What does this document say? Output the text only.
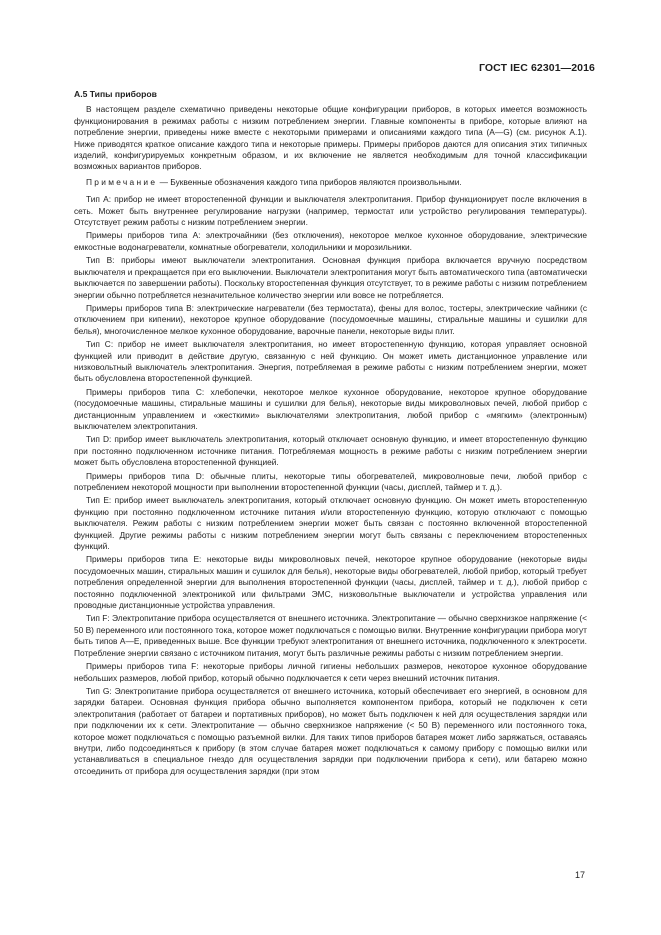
ГОСТ IEC 62301—2016
А.5 Типы приборов

В настоящем разделе схематично приведены некоторые общие конфигурации приборов, в которых имеется возможность функционирования в режимах работы с низким потреблением энергии. Главные компоненты в приборе, которые влияют на потребление энергии, приведены ниже вместе с некоторыми примерами и описаниями каждого типа (А—G) (см. рисунок А.1). Ниже приводятся краткое описание каждого типа и некоторые примеры. Примеры приборов даются для описания этих типичных изделий, конфигурируемых конкретным образом, и их включение не является необходимым для точной классификации возможных вариантов приборов.

Примечание — Буквенные обозначения каждого типа приборов являются произвольными.

Тип А: прибор не имеет второстепенной функции и выключателя электропитания. Прибор функционирует после включения в сеть. Может быть внутреннее регулирование нагрузки (например, термостат или устройство регулирования температуры). Отсутствует режим работы с низким потреблением энергии.

Примеры приборов типа А: электрочайники (без отключения), некоторое мелкое кухонное оборудование, электрические емкостные водонагреватели, комнатные обогреватели, холодильники и морозильники.

Тип В: приборы имеют выключатели электропитания. Основная функция прибора включается вручную посредством выключателя и прекращается при его выключении. Выключатели электропитания могут быть автоматического типа (автоматически выключается по завершении работы). Поскольку второстепенная функция отсутствует, то в режиме работы с низким потреблением энергии обычно потребляется незначительное количество энергии или вовсе не потребляется.

Примеры приборов типа В: электрические нагреватели (без термостата), фены для волос, тостеры, электрические чайники (с отключением при кипении), некоторое крупное оборудование (посудомоечные машины, стиральные машины и сушилки для белья), многочисленное мелкое кухонное оборудование, варочные панели, некоторые виды плит.

Тип С: прибор не имеет выключателя электропитания, но имеет второстепенную функцию, которая управляет основной функцией или приводит в действие другую, связанную с ней функцию. Он может иметь дистанционное управление или низковольтный выключатель электропитания. Энергия, потребляемая в режиме работы с низким потреблением энергии, может быть обусловлена второстепенной функцией.

Примеры приборов типа С: хлебопечки, некоторое мелкое кухонное оборудование, некоторое крупное оборудование (посудомоечные машины, стиральные машины и сушилки для белья), некоторые виды микроволновых печей, любой прибор с дистанционным управлением и «жесткими» выключателями электропитания, любой прибор с «мягким» (электронным) выключателем электропитания.

Тип D: прибор имеет выключатель электропитания, который отключает основную функцию, и имеет второстепенную функцию при постоянно подключенном источнике питания. Потребляемая мощность в режиме работы с низким потреблением энергии может быть обусловлена второстепенной функцией.

Примеры приборов типа D: обычные плиты, некоторые типы обогревателей, микроволновые печи, любой прибор с потреблением некоторой мощности при выполнении второстепенной функции (часы, дисплей, таймер и т. д.).

Тип Е: прибор имеет выключатель электропитания, который отключает основную функцию. Он может иметь второстепенную функцию при постоянно подключенном источнике питания и/или второстепенную функцию, которую отключают с помощью выключателя. Режим работы с низким потреблением энергии может быть связан с постоянно включенной второстепенной функцией. Другие режимы работы с низким потреблением энергии могут быть связаны с переключением второстепенных функций.

Примеры приборов типа Е: некоторые виды микроволновых печей, некоторое крупное оборудование (некоторые виды посудомоечных машин, стиральных машин и сушилок для белья), некоторые виды обогревателей, любой прибор, который требует потребления определенной энергии для выполнения второстепенной функции (часы, дисплей, таймер и т. д.), любой прибор с постоянно подключенной электроникой или фильтрами ЭМС, низковольтные выключатели и устройства управления или проводные дистанционные устройства управления.

Тип F: Электропитание прибора осуществляется от внешнего источника. Электропитание — обычно сверхнизкое напряжение (< 50 В) переменного или постоянного тока, которое может подключаться с помощью вилки. Внутренние конфигурации прибора могут быть типов А—Е, приведенных выше. Все функции требуют электропитания от внешнего источника, подключенного к электросети. Потребление энергии связано с источником питания, могут быть различные режимы работы с низким потреблением энергии.

Примеры приборов типа F: некоторые приборы личной гигиены небольших размеров, некоторое кухонное оборудование небольших размеров, любой прибор, который обычно подключается к сети через внешний источник питания.

Тип G: Электропитание прибора осуществляется от внешнего источника, который обеспечивает его энергией, в основном для зарядки батареи. Основная функция прибора обычно выполняется компонентом прибора, который не подключен к сети электропитания (работает от батареи и портативных приборов), но может быть подключен к ней для осуществления зарядки или при подключении их к сети. Электропитание — обычно сверхнизкое напряжение (< 50 В) переменного или постоянного тока, которое может подключаться с помощью разъемной вилки. Для таких типов приборов батарея может либо заряжаться, оставаясь внутри, либо подсоединяться к прибору (в этом случае батарея может подключаться к самому прибору с помощью вилки или устанавливаться в специальное гнездо для осуществления зарядки при подключении прибора к сети), или батарею можно отсоединить от прибора для осуществления зарядки (при этом

17
